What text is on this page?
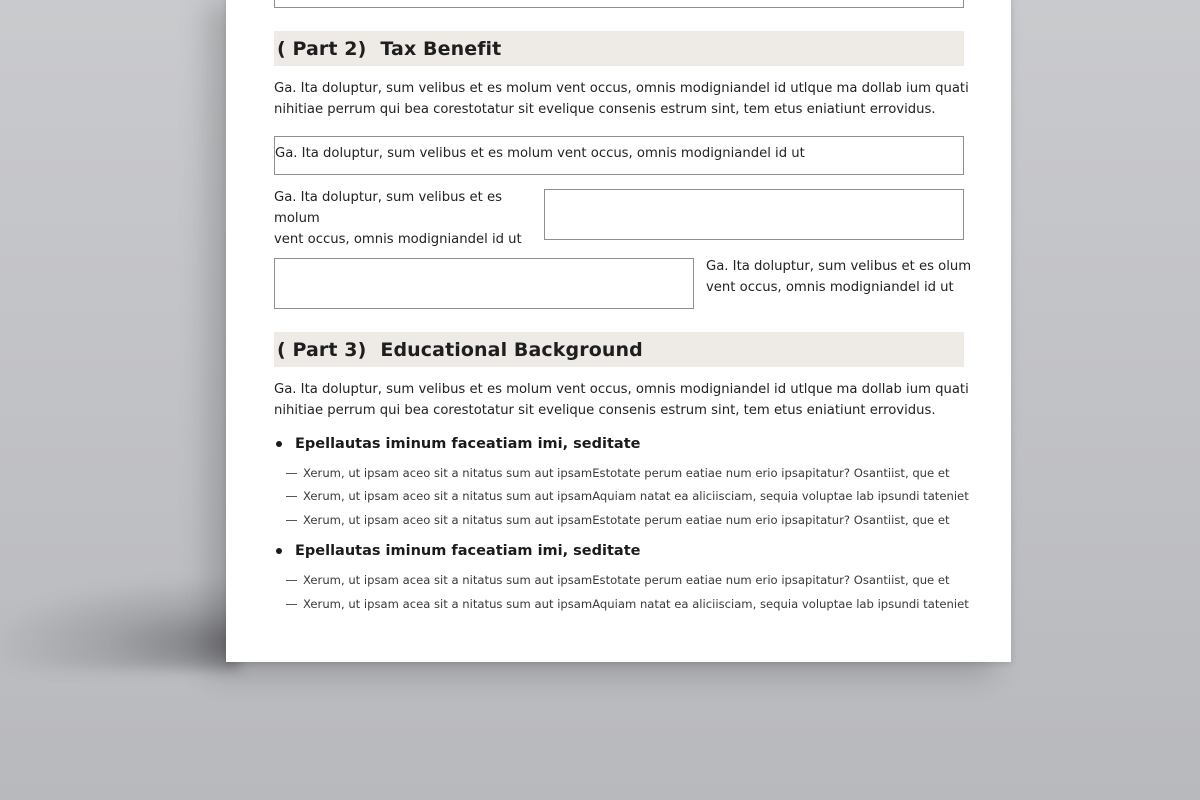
( Part 2) Tax Benefit
Ga. Ita doluptur, sum velibus et es molum vent occus, omnis modigniandel id utlque ma dollab ium quati nihitiae perrum qui bea corestotatur sit evelique consenis estrum sint, tem etus eniatiunt errovidus.
Ga. Ita doluptur, sum velibus et es molum vent occus, omnis modigniandel id ut
Ga. Ita doluptur, sum velibus et es molum
vent occus, omnis modigniandel id ut
Ga. Ita doluptur, sum velibus et es olum
vent occus, omnis modigniandel id ut
( Part 3) Educational Background
Ga. Ita doluptur, sum velibus et es molum vent occus, omnis modigniandel id utlque ma dollab ium quati nihitiae perrum qui bea corestotatur sit evelique consenis estrum sint, tem etus eniatiunt errovidus.
Epellautas iminum faceatiam imi, seditate
Xerum, ut ipsam aceo sit a nitatus sum aut ipsamEstotate perum eatiae num erio ipsapitatur? Osantiist, que et
Xerum, ut ipsam aceo sit a nitatus sum aut ipsamAquiam natat ea aliciisciam, sequia voluptae lab ipsundi tateniet
Xerum, ut ipsam aceo sit a nitatus sum aut ipsamEstotate perum eatiae num erio ipsapitatur? Osantiist, que et
Epellautas iminum faceatiam imi, seditate
Xerum, ut ipsam acea sit a nitatus sum aut ipsamEstotate perum eatiae num erio ipsapitatur? Osantiist, que et
Xerum, ut ipsam acea sit a nitatus sum aut ipsamAquiam natat ea aliciisciam, sequia voluptae lab ipsundi tateniet
